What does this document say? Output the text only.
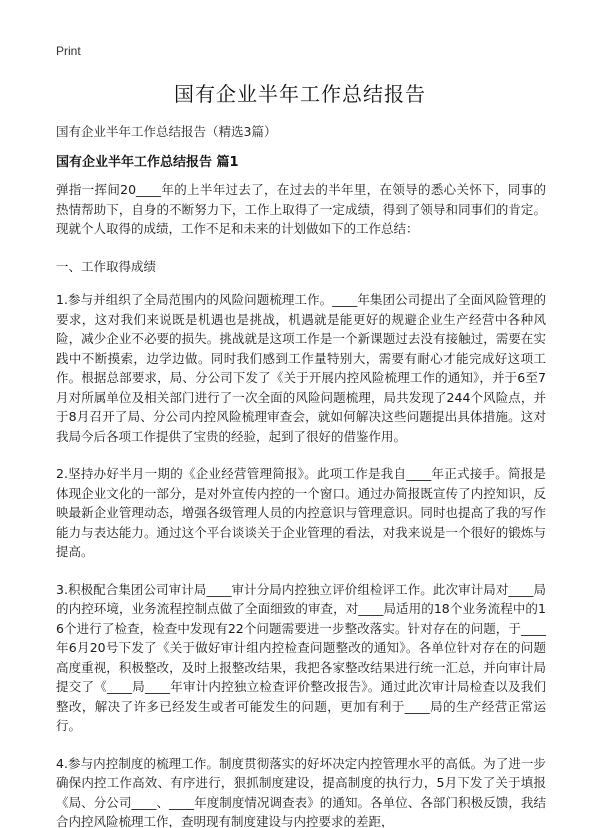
Print
国有企业半年工作总结报告
国有企业半年工作总结报告（精选3篇）
国有企业半年工作总结报告 篇1

弹指一挥间20____年的上半年过去了，在过去的半年里，在领导的悉心关怀下，同事的热情帮助下，自身的不断努力下，工作上取得了一定成绩，得到了领导和同事们的肯定。现就个人取得的成绩，工作不足和未来的计划做如下的工作总结：

一、工作取得成绩

1.参与并组织了全局范围内的风险问题梳理工作。____年集团公司提出了全面风险管理的要求，这对我们来说既是机遇也是挑战，机遇就是能更好的规避企业生产经营中各种风险，减少企业不必要的损失。挑战就是这项工作是一个新课题过去没有接触过，需要在实践中不断摸索，边学边做。同时我们感到工作量特别大，需要有耐心才能完成好这项工作。根据总部要求，局、分公司下发了《关于开展内控风险梳理工作的通知》，并于6至7月对所属单位及相关部门进行了一次全面的风险问题梳理，局共发现了244个风险点，并于8月召开了局、分公司内控风险梳理审查会，就如何解决这些问题提出具体措施。这对我局今后各项工作提供了宝贵的经验，起到了很好的借鉴作用。

2.坚持办好半月一期的《企业经营管理简报》。此项工作是我自____年正式接手。简报是体现企业文化的一部分，是对外宣传内控的一个窗口。通过办简报既宣传了内控知识，反映最新企业管理动态，增强各级管理人员的内控意识与管理意识。同时也提高了我的写作能力与表达能力。通过这个平台谈谈关于企业管理的看法，对我来说是一个很好的锻炼与提高。

3.积极配合集团公司审计局____审计分局内控独立评价组检评工作。此次审计局对____局的内控环境，业务流程控制点做了全面细致的审查，对____局适用的18个业务流程中的16个进行了检查，检查中发现有22个问题需要进一步整改落实。针对存在的问题，于____年6月20号下发了《关于做好审计组内控检查问题整改的通知》。各单位针对存在的问题高度重视，积极整改，及时上报整改结果，我把各家整改结果进行统一汇总，并向审计局提交了《____局____年审计内控独立检查评价整改报告》。通过此次审计局检查以及我们整改，解决了许多已经发生或者可能发生的问题，更加有利于____局的生产经营正常运行。

4.参与内控制度的梳理工作。制度贯彻落实的好坏决定内控管理水平的高低。为了进一步确保内控工作高效、有序进行，狠抓制度建设，提高制度的执行力，5月下发了关于填报《局、分公司____、____年度制度情况调查表》的通知。各单位、各部门积极反馈，我结合内控风险梳理工作，查明现有制度建设与内控要求的差距，
